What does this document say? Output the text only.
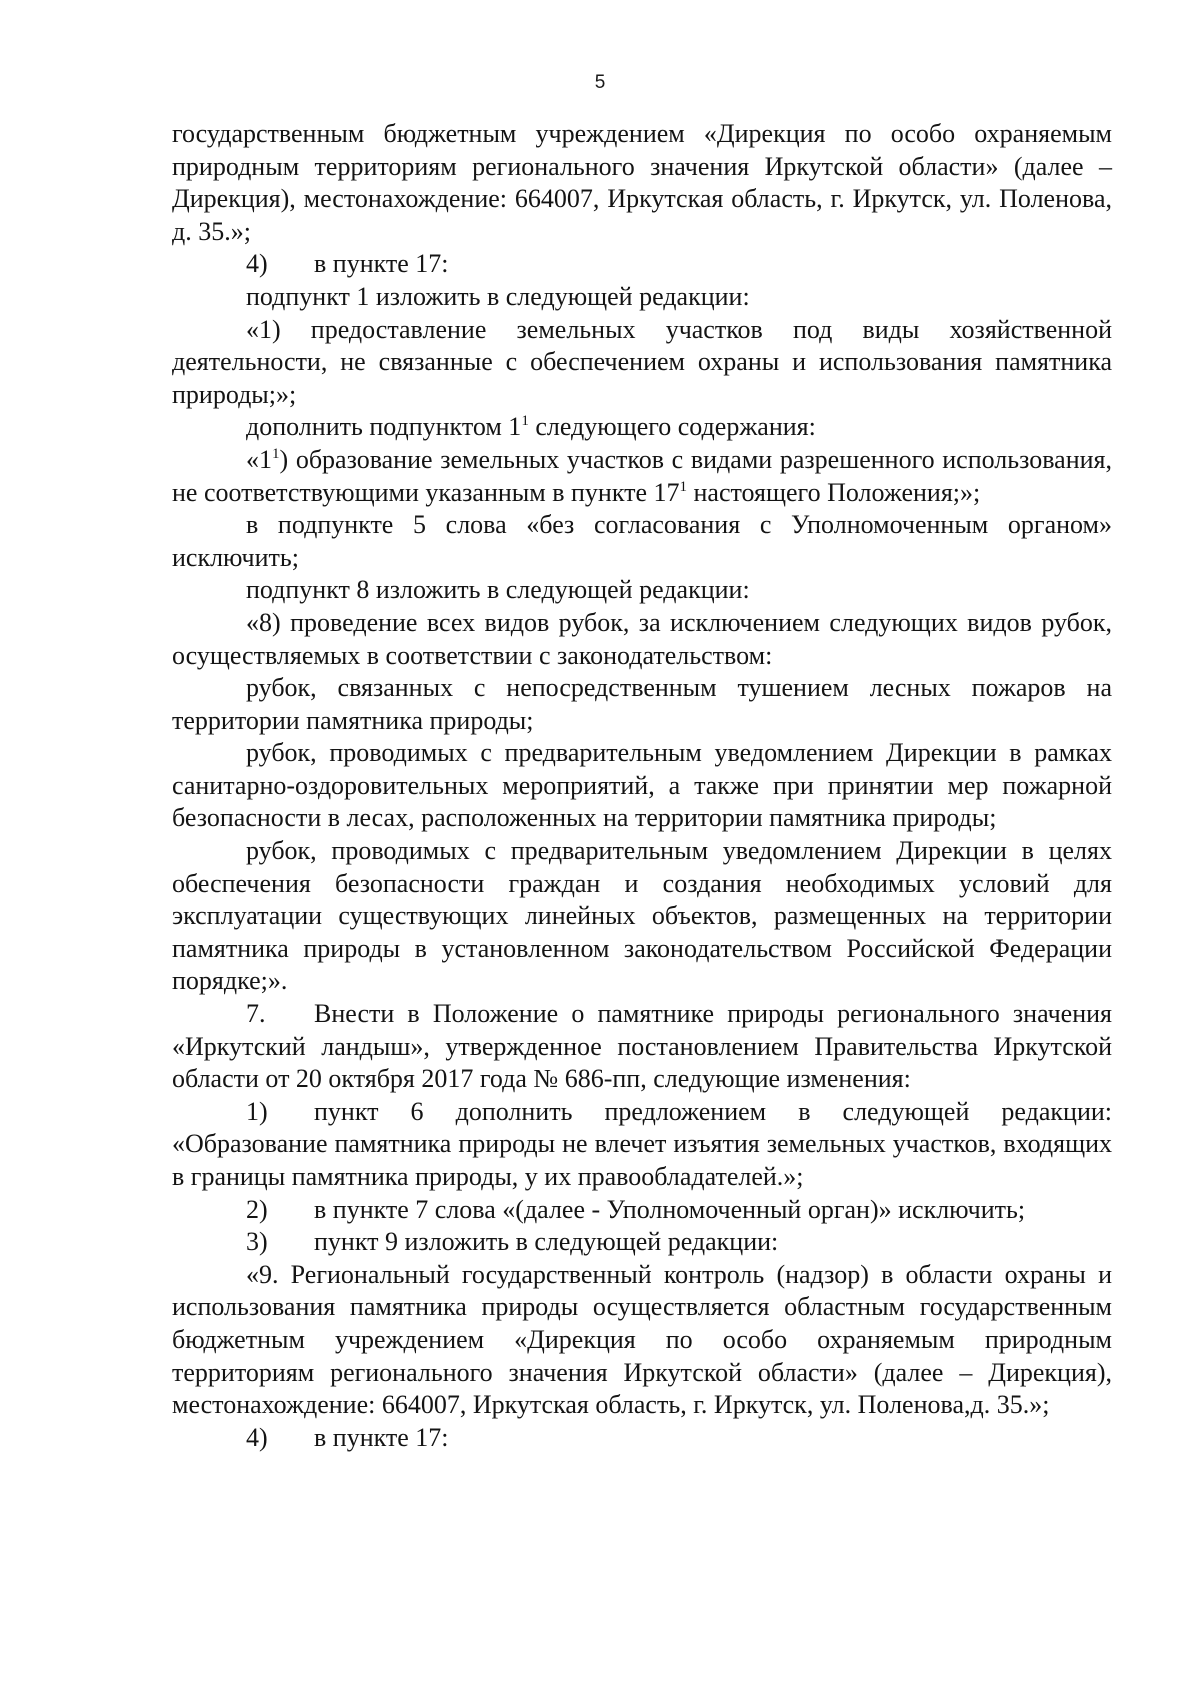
5

государственным бюджетным учреждением «Дирекция по особо охраняемым природным территориям регионального значения Иркутской области» (далее – Дирекция), местонахождение: 664007, Иркутская область, г. Иркутск, ул. Поленова, д. 35.»;

4) в пункте 17:

подпункт 1 изложить в следующей редакции:

«1) предоставление земельных участков под виды хозяйственной деятельности, не связанные с обеспечением охраны и использования памятника природы;»;

дополнить подпунктом $1^1$ следующего содержания:

«$1^1$) образование земельных участков с видами разрешенного использования, не соответствующими указанным в пункте $17^1$ настоящего Положения;»;

в подпункте 5 слова «без согласования с Уполномоченным органом» исключить;

подпункт 8 изложить в следующей редакции:

«8) проведение всех видов рубок, за исключением следующих видов рубок, осуществляемых в соответствии с законодательством:

рубок, связанных с непосредственным тушением лесных пожаров на территории памятника природы;

рубок, проводимых с предварительным уведомлением Дирекции в рамках санитарно-оздоровительных мероприятий, а также при принятии мер пожарной безопасности в лесах, расположенных на территории памятника природы;

рубок, проводимых с предварительным уведомлением Дирекции в целях обеспечения безопасности граждан и создания необходимых условий для эксплуатации существующих линейных объектов, размещенных на территории памятника природы в установленном законодательством Российской Федерации порядке;».

7. Внести в Положение о памятнике природы регионального значения «Иркутский ландыш», утвержденное постановлением Правительства Иркутской области от 20 октября 2017 года № 686-пп, следующие изменения:

1) пункт 6 дополнить предложением в следующей редакции: «Образование памятника природы не влечет изъятия земельных участков, входящих в границы памятника природы, у их правообладателей.»;

2) в пункте 7 слова «(далее - Уполномоченный орган)» исключить;

3) пункт 9 изложить в следующей редакции:

«9. Региональный государственный контроль (надзор) в области охраны и использования памятника природы осуществляется областным государственным бюджетным учреждением «Дирекция по особо охраняемым природным территориям регионального значения Иркутской области» (далее – Дирекция), местонахождение: 664007, Иркутская область, г. Иркутск, ул. Поленова,д. 35.»;

4) в пункте 17:
